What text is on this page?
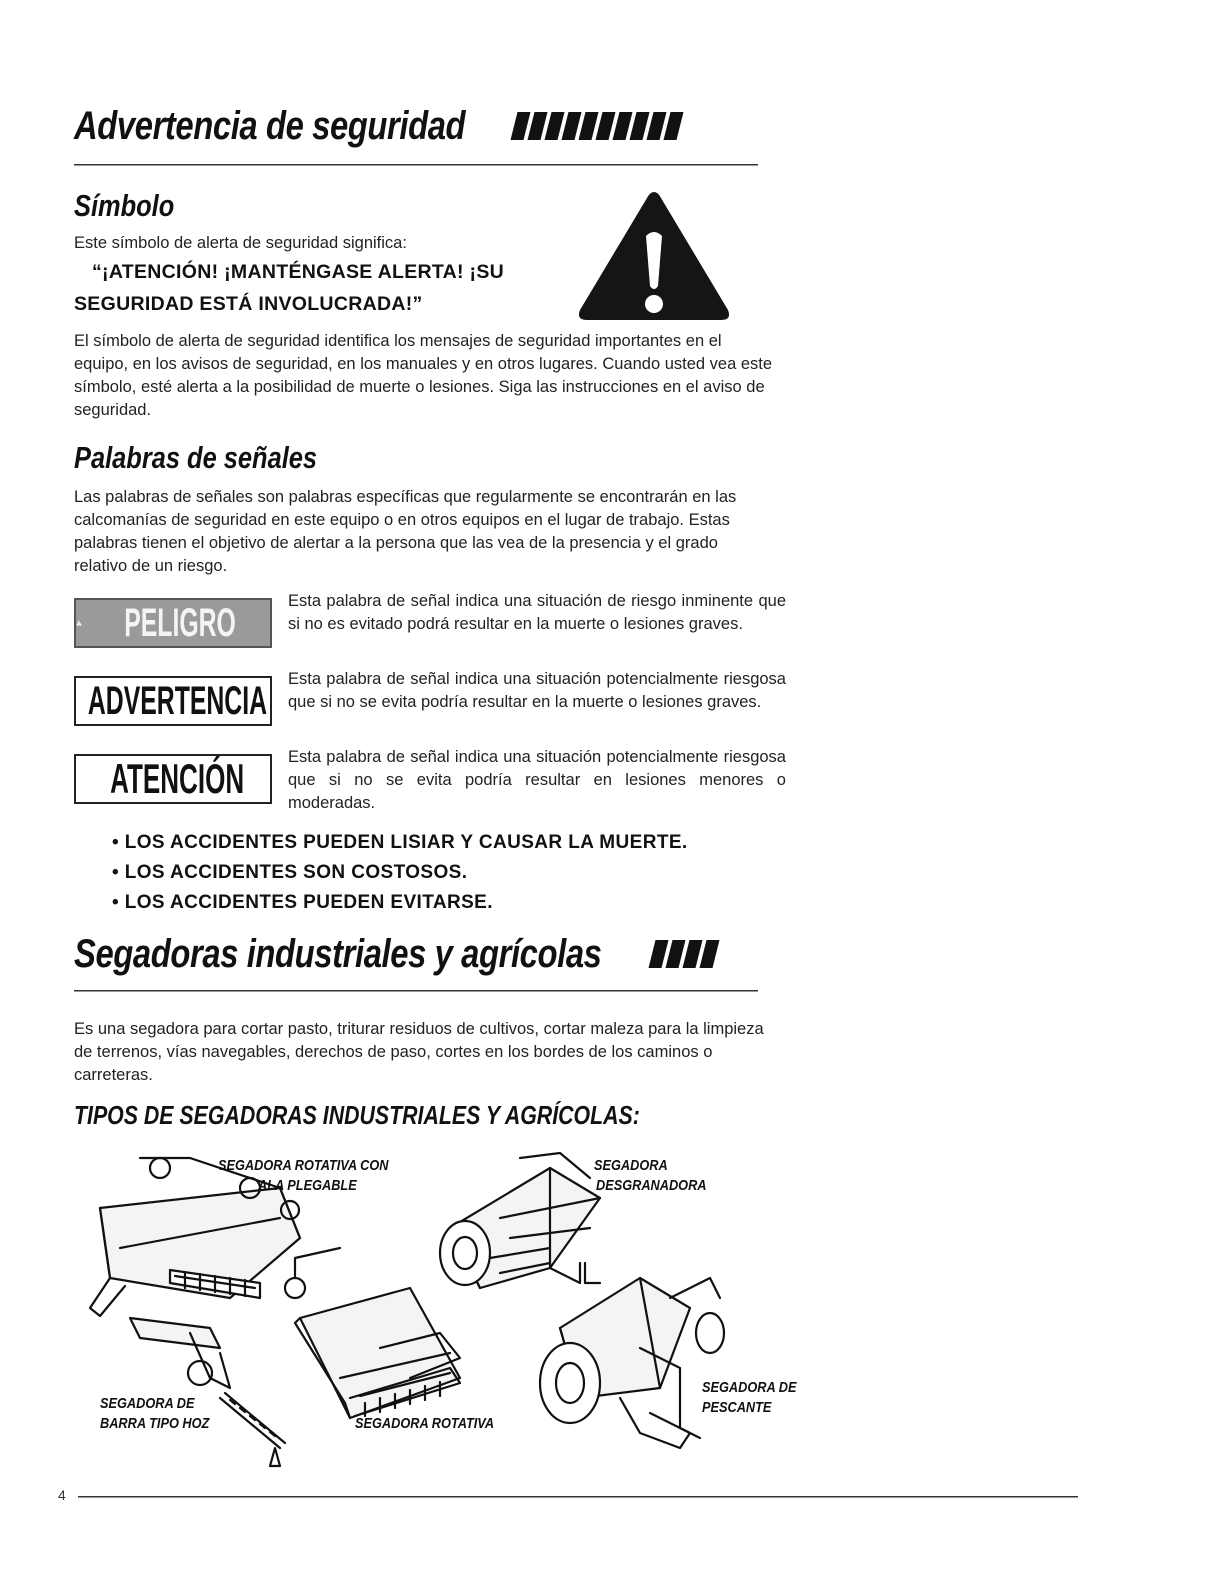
Advertencia de seguridad
Símbolo
Este símbolo de alerta de seguridad significa:
“¡ATENCIÓN! ¡MANTÉNGASE ALERTA! ¡SU
SEGURIDAD ESTÁ INVOLUCRADA!”
El símbolo de alerta de seguridad identifica los mensajes de seguridad importantes en el equipo, en los avisos de seguridad, en los manuales y en otros lugares. Cuando usted vea este símbolo, esté alerta a la posibilidad de muerte o lesiones. Siga las instrucciones en el aviso de seguridad.
Palabras de señales
Las palabras de señales son palabras específicas que regularmente se encontrarán en las calcomanías de seguridad en este equipo o en otros equipos en el lugar de trabajo. Estas palabras tienen el objetivo de alertar a la persona que las vea de la presencia y el grado relativo de un riesgo.
PELIGRO	Esta palabra de señal indica una situación de riesgo inminente que si no es evitado podrá resultar en la muerte o lesiones graves.
ADVERTENCIA Esta palabra de señal indica una situación potencialmente riesgosa que si no se evita podría resultar en la muerte o lesiones graves.
ATENCIÓN	Esta palabra de señal indica una situación potencialmente riesgosa que si no se evita podría resultar en lesiones menores o moderadas.
• LOS ACCIDENTES PUEDEN LISIAR Y CAUSAR LA MUERTE.
• LOS ACCIDENTES SON COSTOSOS.
• LOS ACCIDENTES PUEDEN EVITARSE.
Segadoras industriales y agrícolas
Es una segadora para cortar pasto, triturar residuos de cultivos, cortar maleza para la limpieza de terrenos, vías navegables, derechos de paso, cortes en los bordes de los caminos o carreteras.
TIPOS DE SEGADORAS INDUSTRIALES Y AGRÍCOLAS:
SEGADORA ROTATIVA CON
ALA PLEGABLE
SEGADORA
DESGRANADORA
SEGADORA DE
BARRA TIPO HOZ	SEGADORA ROTATIVA
SEGADORA DE
PESCANTE
4
